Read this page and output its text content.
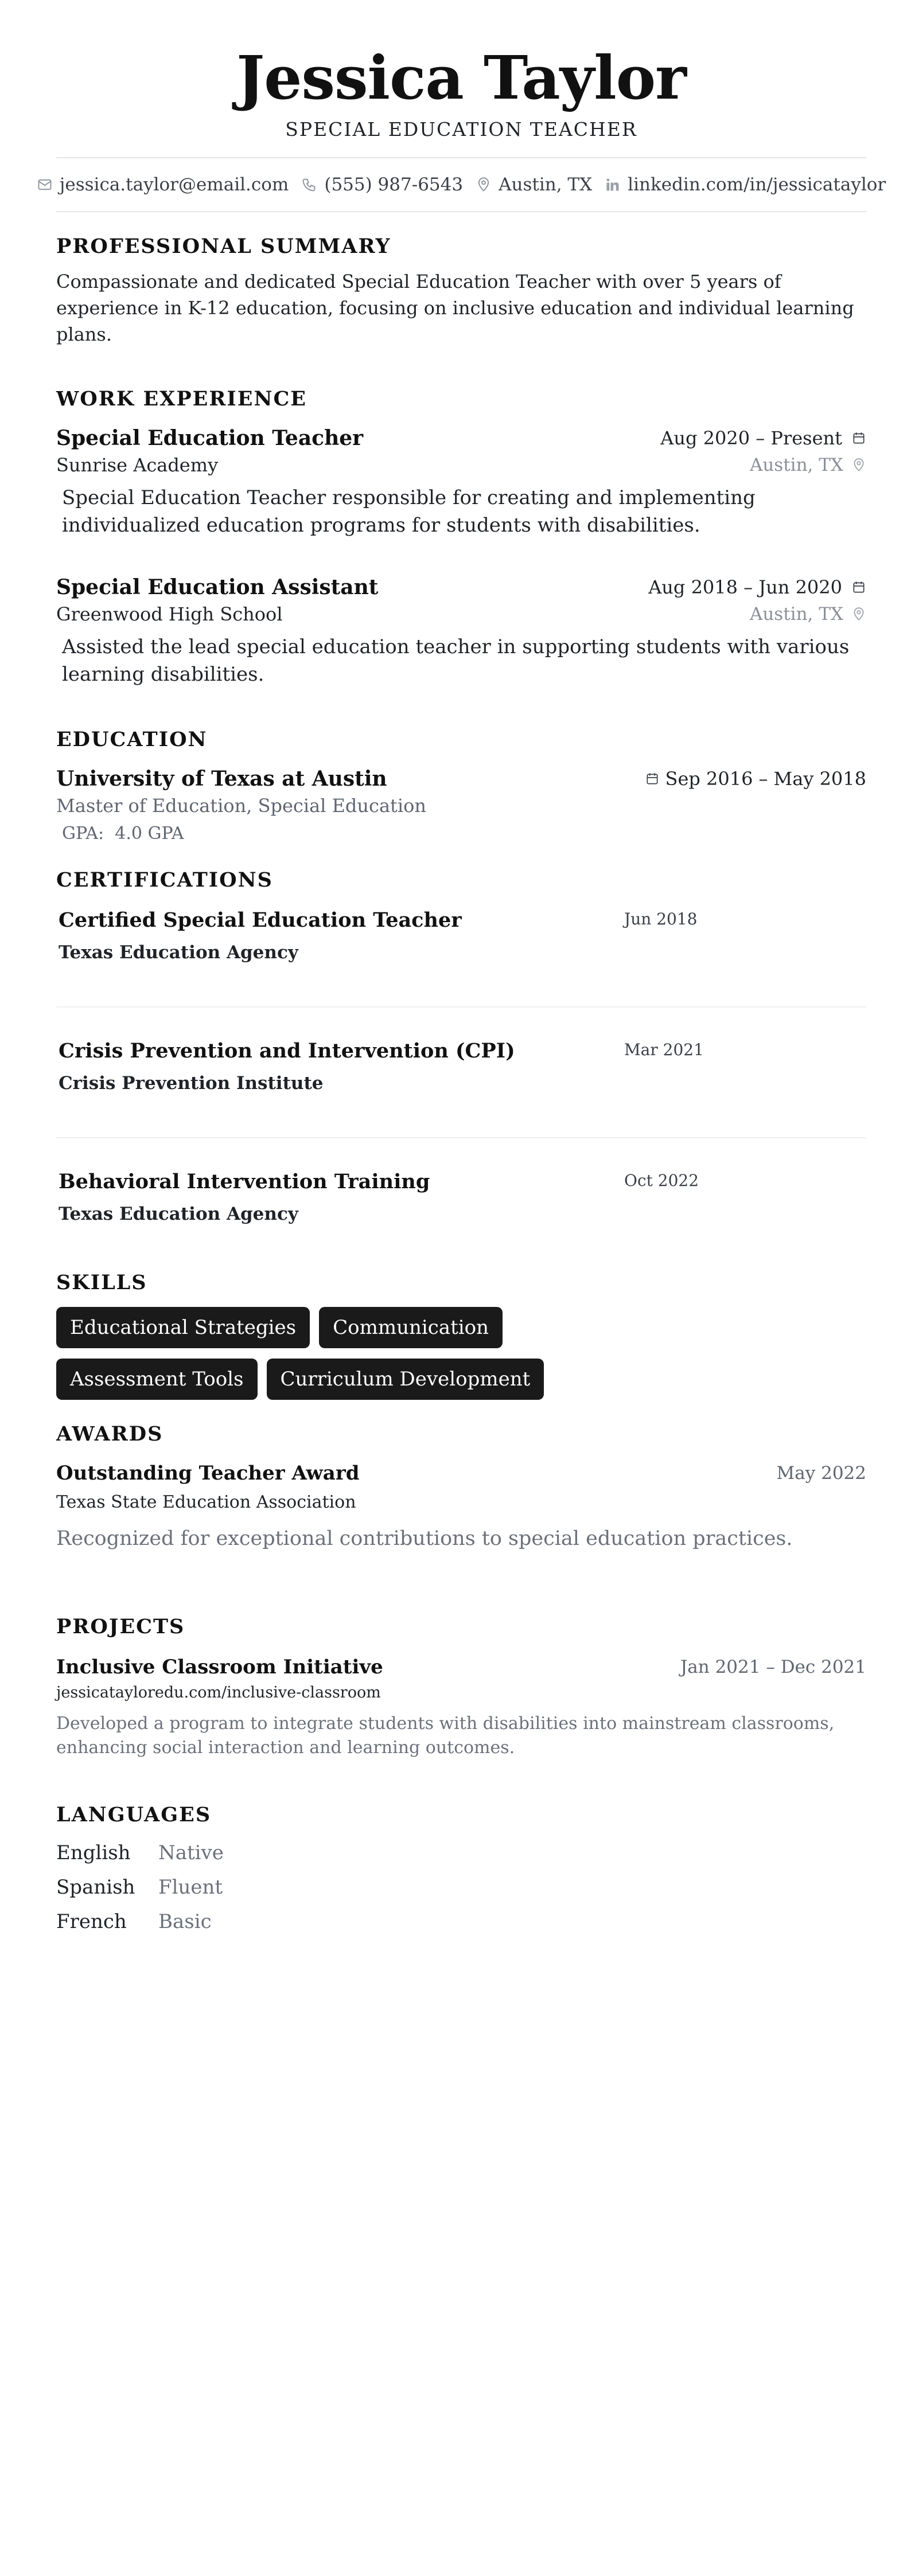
Jessica Taylor
SPECIAL EDUCATION TEACHER
jessica.taylor@email.com (555) 987-6543 Austin, TX linkedin.com/in/jessicataylor
PROFESSIONAL SUMMARY
Compassionate and dedicated Special Education Teacher with over 5 years of experience in K-12 education, focusing on inclusive education and individual learning plans.
WORK EXPERIENCE
Special Education Teacher	Aug 2020 – Present
Sunrise Academy	Austin, TX
Special Education Teacher responsible for creating and implementing individualized education programs for students with disabilities.
Special Education Assistant	Aug 2018 – Jun 2020
Greenwood High School	Austin, TX
Assisted the lead special education teacher in supporting students with various learning disabilities.
EDUCATION
University of Texas at Austin	Sep 2016 – May 2018
Master of Education, Special Education
GPA: 4.0 GPA
CERTIFICATIONS
Certified Special Education Teacher	Jun 2018
Texas Education Agency
Crisis Prevention and Intervention (CPI)	Mar 2021
Crisis Prevention Institute
Behavioral Intervention Training	Oct 2022
Texas Education Agency
SKILLS
Educational Strategies	Communication
Assessment Tools	Curriculum Development
AWARDS
Outstanding Teacher Award	May 2022
Texas State Education Association
Recognized for exceptional contributions to special education practices.
PROJECTS
Inclusive Classroom Initiative	Jan 2021 – Dec 2021
jessicatayloredu.com/inclusive-classroom
Developed a program to integrate students with disabilities into mainstream classrooms, enhancing social interaction and learning outcomes.
LANGUAGES
English	Native
Spanish	Fluent
French	Basic
